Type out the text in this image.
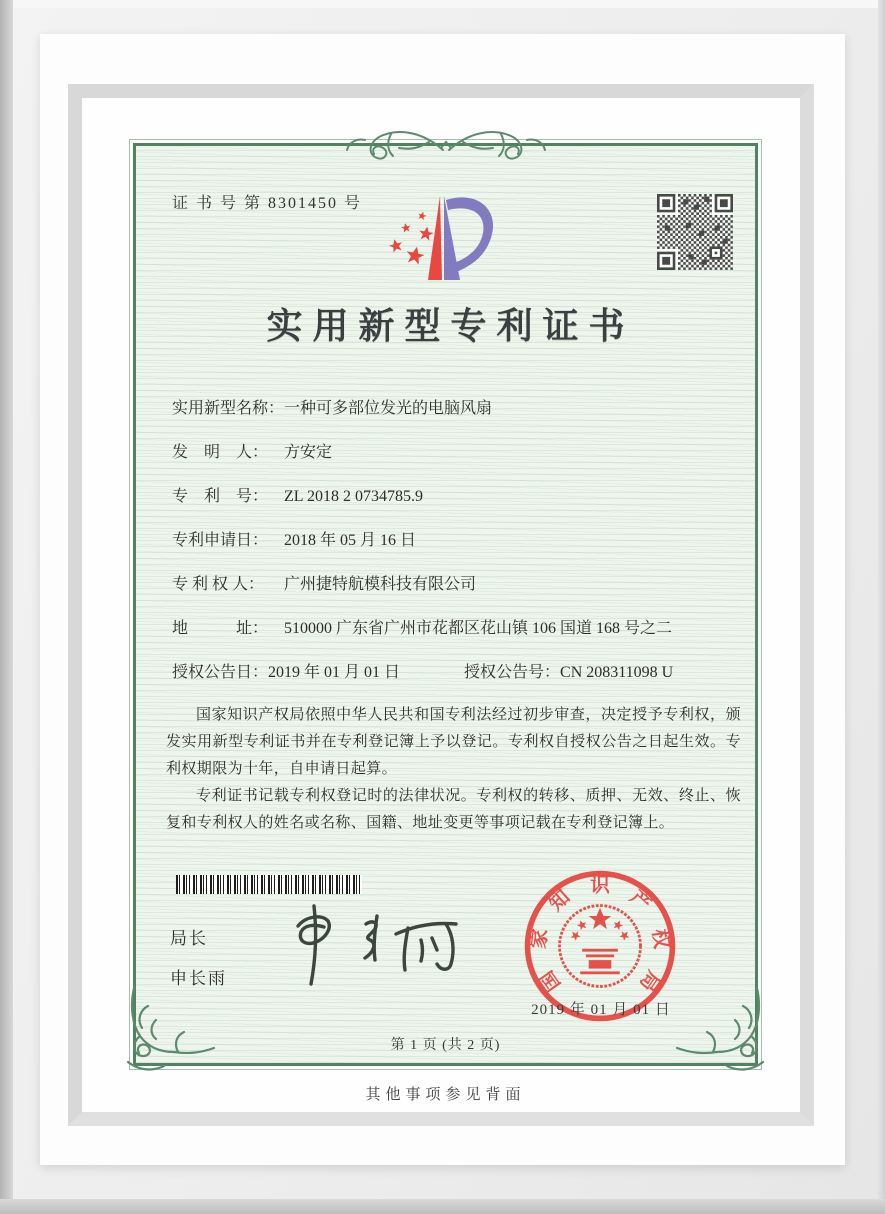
证 书 号 第 8301450 号
实用新型专利证书
实用新型名称：一种可多部位发光的电脑风扇
发　明　人： 方安定
专　利　号： ZL 2018 2 0734785.9
专利申请日： 2018 年 05 月 16 日
专 利 权 人： 广州捷特航模科技有限公司
地　　　址： 510000 广东省广州市花都区花山镇 106 国道 168 号之二
授权公告日：2019 年 01 月 01 日	授权公告号：CN 208311098 U

国家知识产权局依照中华人民共和国专利法经过初步审查，决定授予专利权，颁发实用新型专利证书并在专利登记簿上予以登记。专利权自授权公告之日起生效。专利权期限为十年，自申请日起算。

专利证书记载专利权登记时的法律状况。专利权的转移、质押、无效、终止、恢复和专利权人的姓名或名称、国籍、地址变更等事项记载在专利登记簿上。

局长
申长雨	国
家
知
识
产
权
局
2019 年 01 月 01 日
第 1 页 (共 2 页)
其他事项参见背面
